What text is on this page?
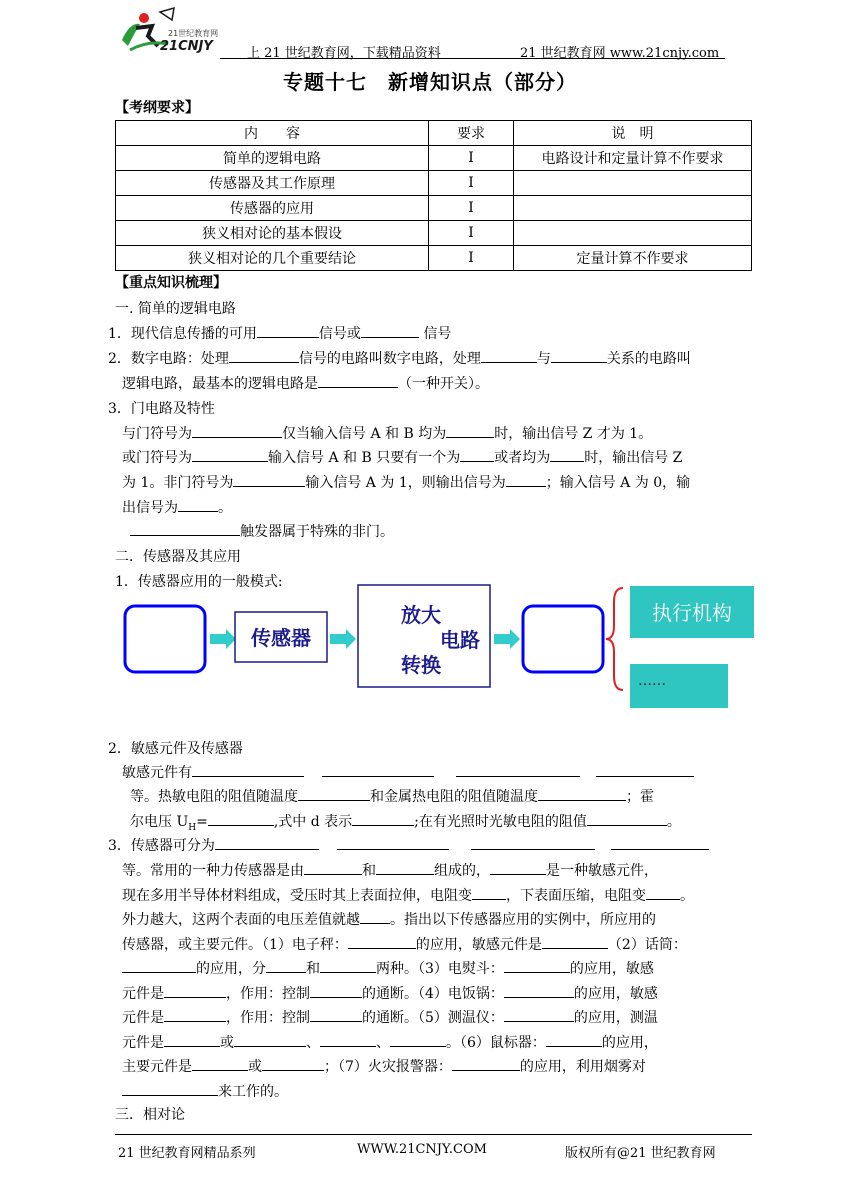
21世纪教育网
21CNJY	上 21 世纪教育网，下载精品资料	21 世纪教育网 www.21cnjy.com
专题十七　新增知识点（部分）
【考纲要求】
内　　容	要求	说　明
简单的逻辑电路	Ⅰ	电路设计和定量计算不作要求
传感器及其工作原理	Ⅰ	
传感器的应用	Ⅰ	
狭义相对论的基本假设	Ⅰ	
狭义相对论的几个重要结论	Ⅰ	定量计算不作要求
【重点知识梳理】
一. 简单的逻辑电路
1．现代信息传播的可用	信号或	信号
2．数字电路：处理	信号的电路叫数字电路，处理	与	关系的电路叫
逻辑电路，最基本的逻辑电路是	（一种开关）。
3．门电路及特性
与门符号为	仅当输入信号 A 和 B 均为	时，输出信号 Z 才为 1。
或门符号为	输入信号 A 和 B 只要有一个为 或者均为 时，输出信号 Z
为 1。非门符号为	输入信号 A 为 1，则输出信号为	；输入信号 A 为 0，输
出信号为	。
触发器属于特殊的非门。
二．传感器及其应用
1．传感器应用的一般模式:
传感器
放大
电路
转换
执行机构
……
2．敏感元件及传感器
敏感元件有
等。热敏电阻的阻值随温度	和金属热电阻的阻值随温度	；霍
尔电压 $U_H=$	,式中 d 表示	;在有光照时光敏电阻的阻值	。
3．传感器可分为
等。常用的一种力传感器是由	和	组成的，	是一种敏感元件，
现在多用半导体材料组成，受压时其上表面拉伸，电阻变 ，下表面压缩，电阻变 。
外力越大，这两个表面的电压差值就越 。指出以下传感器应用的实例中，所应用的
传感器，或主要元件。（1）电子秤：	的应用，敏感元件是	（2）话筒：
的应用，分	和	两种。（3）电熨斗：	的应用，敏感
元件是	，作用：控制	的通断。（4）电饭锅：	的应用，敏感
元件是	，作用：控制	的通断。（5）测温仪：	的应用，测温
元件是	或	、	、	。（6）鼠标器：	的应用，
主要元件是	或	；（7）火灾报警器：	的应用，利用烟雾对
来工作的。
三．相对论
21 世纪教育网精品系列	WWW.21CNJY.COM	版权所有@21 世纪教育网
